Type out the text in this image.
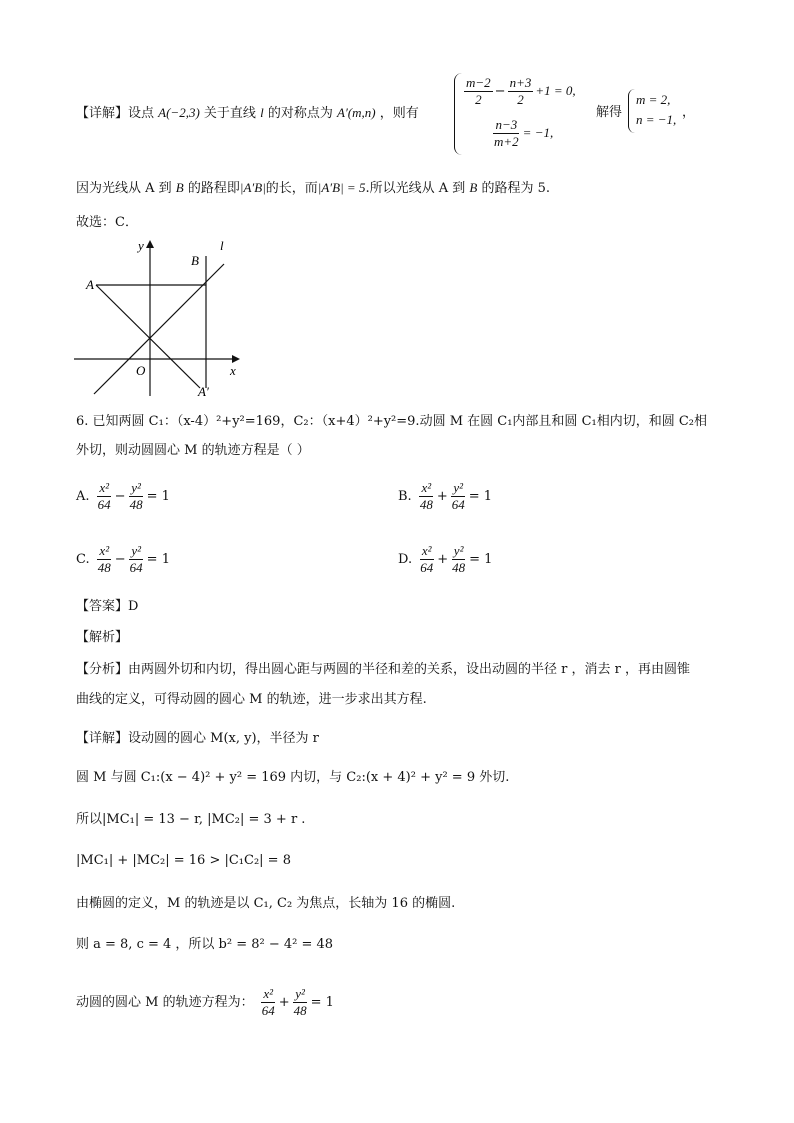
【详解】设点 A(−2,3) 关于直线 l 的对称点为 A′(m,n) ，则有
$\frac{m-2}{2} - \frac{n+3}{2} +1 = 0$,
$\frac{n-3}{m+2} = -1$,
解得
m = 2,
n = −1, ，
因为光线从 A 到 B 的路程即|A′B|的长，而|A′B| = 5.所以光线从 A 到 B 的路程为 5.
故选：C．
y
x
O
A
B
l
A′
6. 已知两圆 C₁：（x-4）²+y²=169，C₂：（x+4）²+y²=9.动圆 M 在圆 C₁内部且和圆 C₁相内切，和圆 C₂相
外切，则动圆圆心 M 的轨迹方程是（ ）
A. $\frac{\text{x²}}{64} - \frac{\text{y²}}{48} = 1$	B. $\frac{\text{x²}}{48} + \frac{\text{y²}}{64} = 1$
C. $\frac{\text{x²}}{48} - \frac{\text{y²}}{64} = 1$	D. $\frac{\text{x²}}{64} + \frac{\text{y²}}{48} = 1$
【答案】D
【解析】
【分析】由两圆外切和内切，得出圆心距与两圆的半径和差的关系，设出动圆的半径 r ，消去 r ，再由圆锥
曲线的定义，可得动圆的圆心 M 的轨迹，进一步求出其方程.
【详解】设动圆的圆心 M(x, y)，半径为 r
圆 M 与圆 C₁:(x − 4)² + y² = 169 内切，与 C₂:(x + 4)² + y² = 9 外切.
所以|MC₁| = 13 − r, |MC₂| = 3 + r .
|MC₁| + |MC₂| = 16 > |C₁C₂| = 8
由椭圆的定义，M 的轨迹是以 C₁, C₂ 为焦点，长轴为 16 的椭圆.
则 a = 8, c = 4 ，所以 b² = 8² − 4² = 48
动圆的圆心 M 的轨迹方程为： $\frac{\text{x²}}{64} + \frac{\text{y²}}{48} = 1$
